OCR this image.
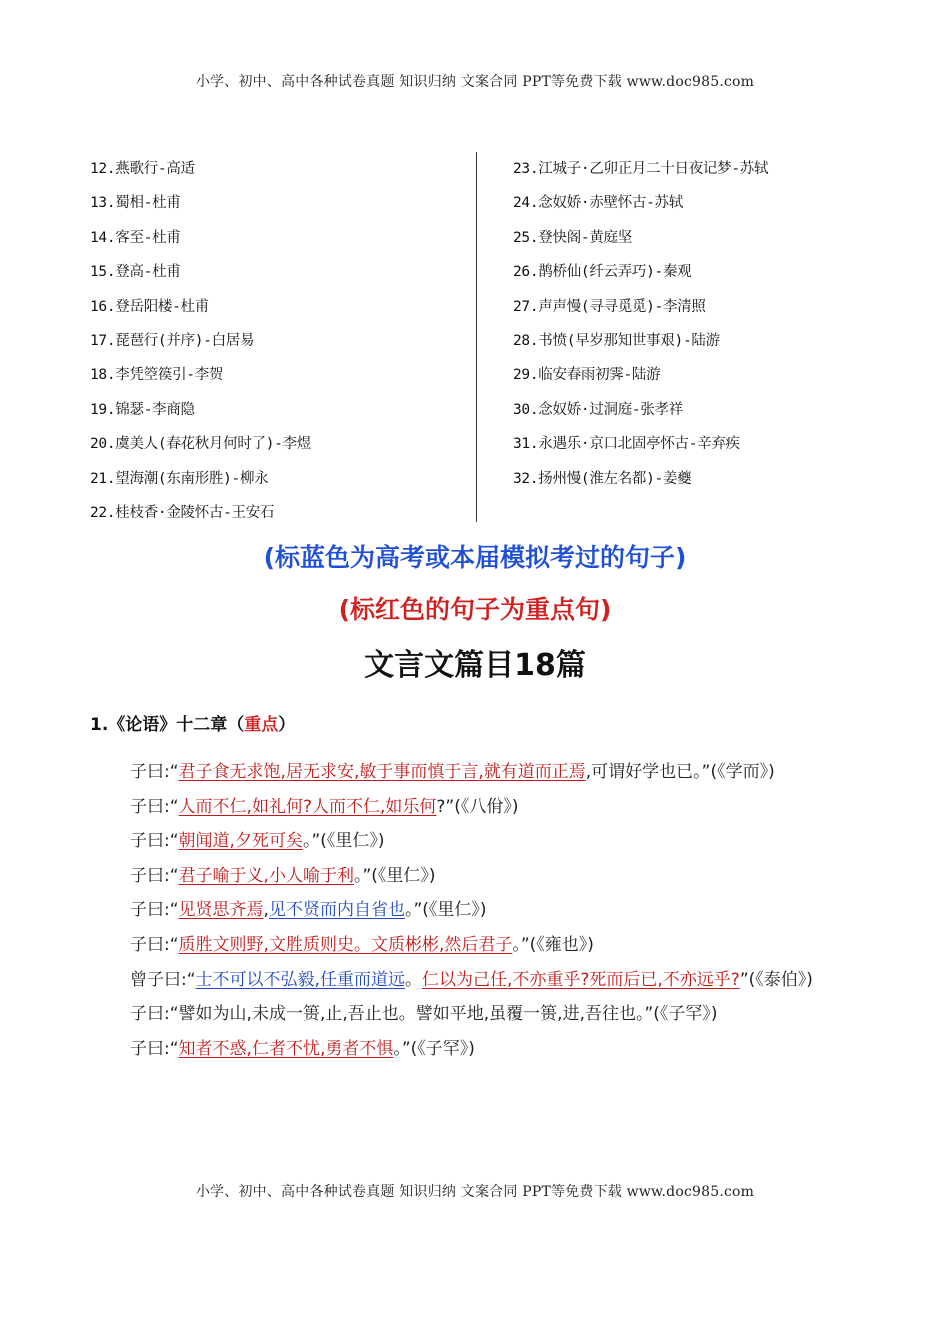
小学、初中、高中各种试卷真题 知识归纳 文案合同 PPT等免费下载 www.doc985.com
12.燕歌行-高适
13.蜀相-杜甫
14.客至-杜甫
15.登高-杜甫
16.登岳阳楼-杜甫
17.琵琶行(并序)-白居易
18.李凭箜篌引-李贺
19.锦瑟-李商隐
20.虞美人(春花秋月何时了)-李煜
21.望海潮(东南形胜)-柳永
22.桂枝香·金陵怀古-王安石
23.江城子·乙卯正月二十日夜记梦-苏轼
24.念奴娇·赤壁怀古-苏轼
25.登快阁-黄庭坚
26.鹊桥仙(纤云弄巧)-秦观
27.声声慢(寻寻觅觅)-李清照
28.书愤(早岁那知世事艰)-陆游
29.临安春雨初霁-陆游
30.念奴娇·过洞庭-张孝祥
31.永遇乐·京口北固亭怀古-辛弃疾
32.扬州慢(淮左名都)-姜夔
(标蓝色为高考或本届模拟考过的句子)
(标红色的句子为重点句)
文言文篇目18篇
1.《论语》十二章（重点）

子曰:“君子食无求饱,居无求安,敏于事而慎于言,就有道而正焉,可谓好学也已。”(《学而》)

子曰:“人而不仁,如礼何?人而不仁,如乐何?”(《八佾》)

子曰:“朝闻道,夕死可矣。”(《里仁》)

子曰:“君子喻于义,小人喻于利。”(《里仁》)

子曰:“见贤思齐焉,见不贤而内自省也。”(《里仁》)

子曰:“质胜文则野,文胜质则史。文质彬彬,然后君子。”(《雍也》)

曾子曰:“士不可以不弘毅,任重而道远。仁以为己任,不亦重乎?死而后已,不亦远乎?”(《泰伯》)

子曰:“譬如为山,未成一篑,止,吾止也。譬如平地,虽覆一篑,进,吾往也。”(《子罕》)

子曰:“知者不惑,仁者不忧,勇者不惧。”(《子罕》)

小学、初中、高中各种试卷真题 知识归纳 文案合同 PPT等免费下载 www.doc985.com
